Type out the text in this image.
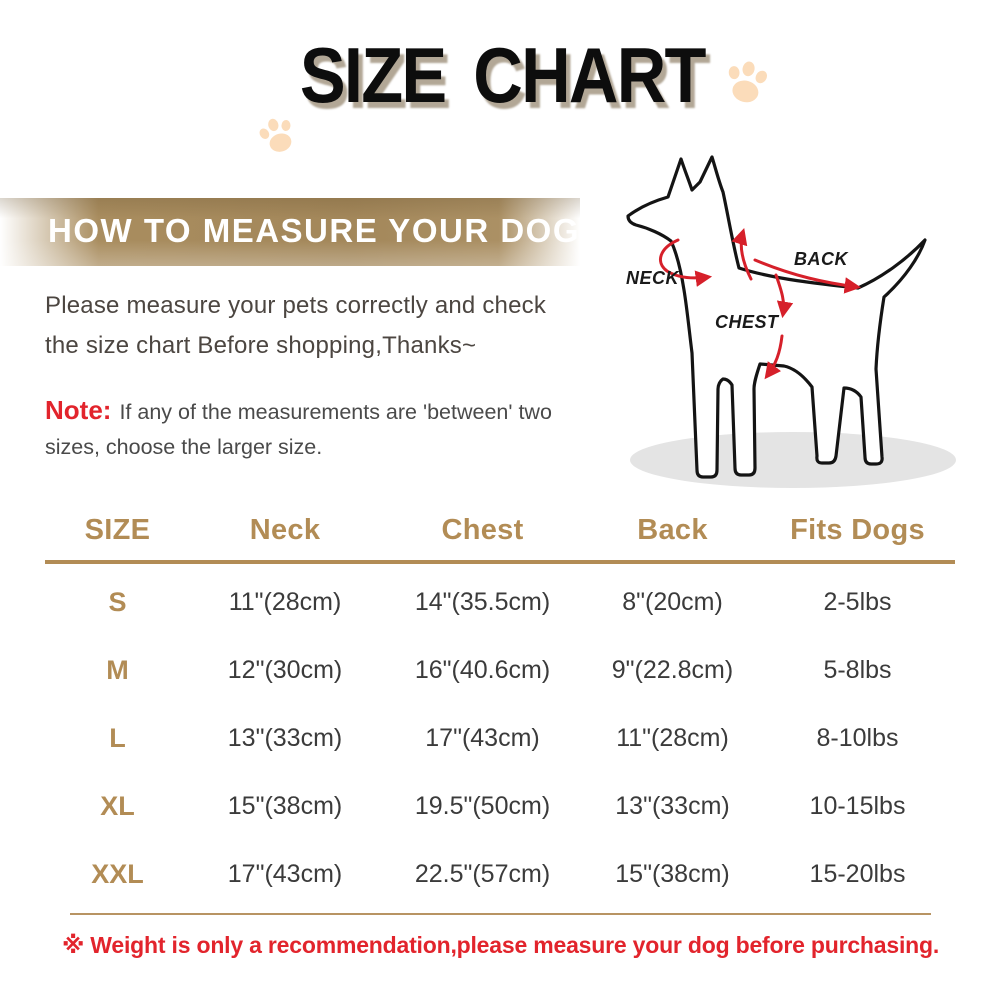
SIZE CHART
HOW TO MEASURE YOUR DOG

Please measure your pets correctly and check
the size chart Before shopping,Thanks~

Note: If any of the measurements are 'between' two
sizes, choose the larger size.

NECK
BACK
CHEST
SIZE	Neck	Chest	Back	Fits Dogs
S	11"(28cm)	14"(35.5cm)	8"(20cm)	2-5lbs
M	12"(30cm)	16"(40.6cm)	9"(22.8cm)	5-8lbs
L	13"(33cm)	17"(43cm)	11"(28cm)	8-10lbs
XL	15"(38cm)	19.5"(50cm)	13"(33cm)	10-15lbs
XXL	17"(43cm)	22.5"(57cm)	15"(38cm)	15-20lbs

※ Weight is only a recommendation,please measure your dog before purchasing.
